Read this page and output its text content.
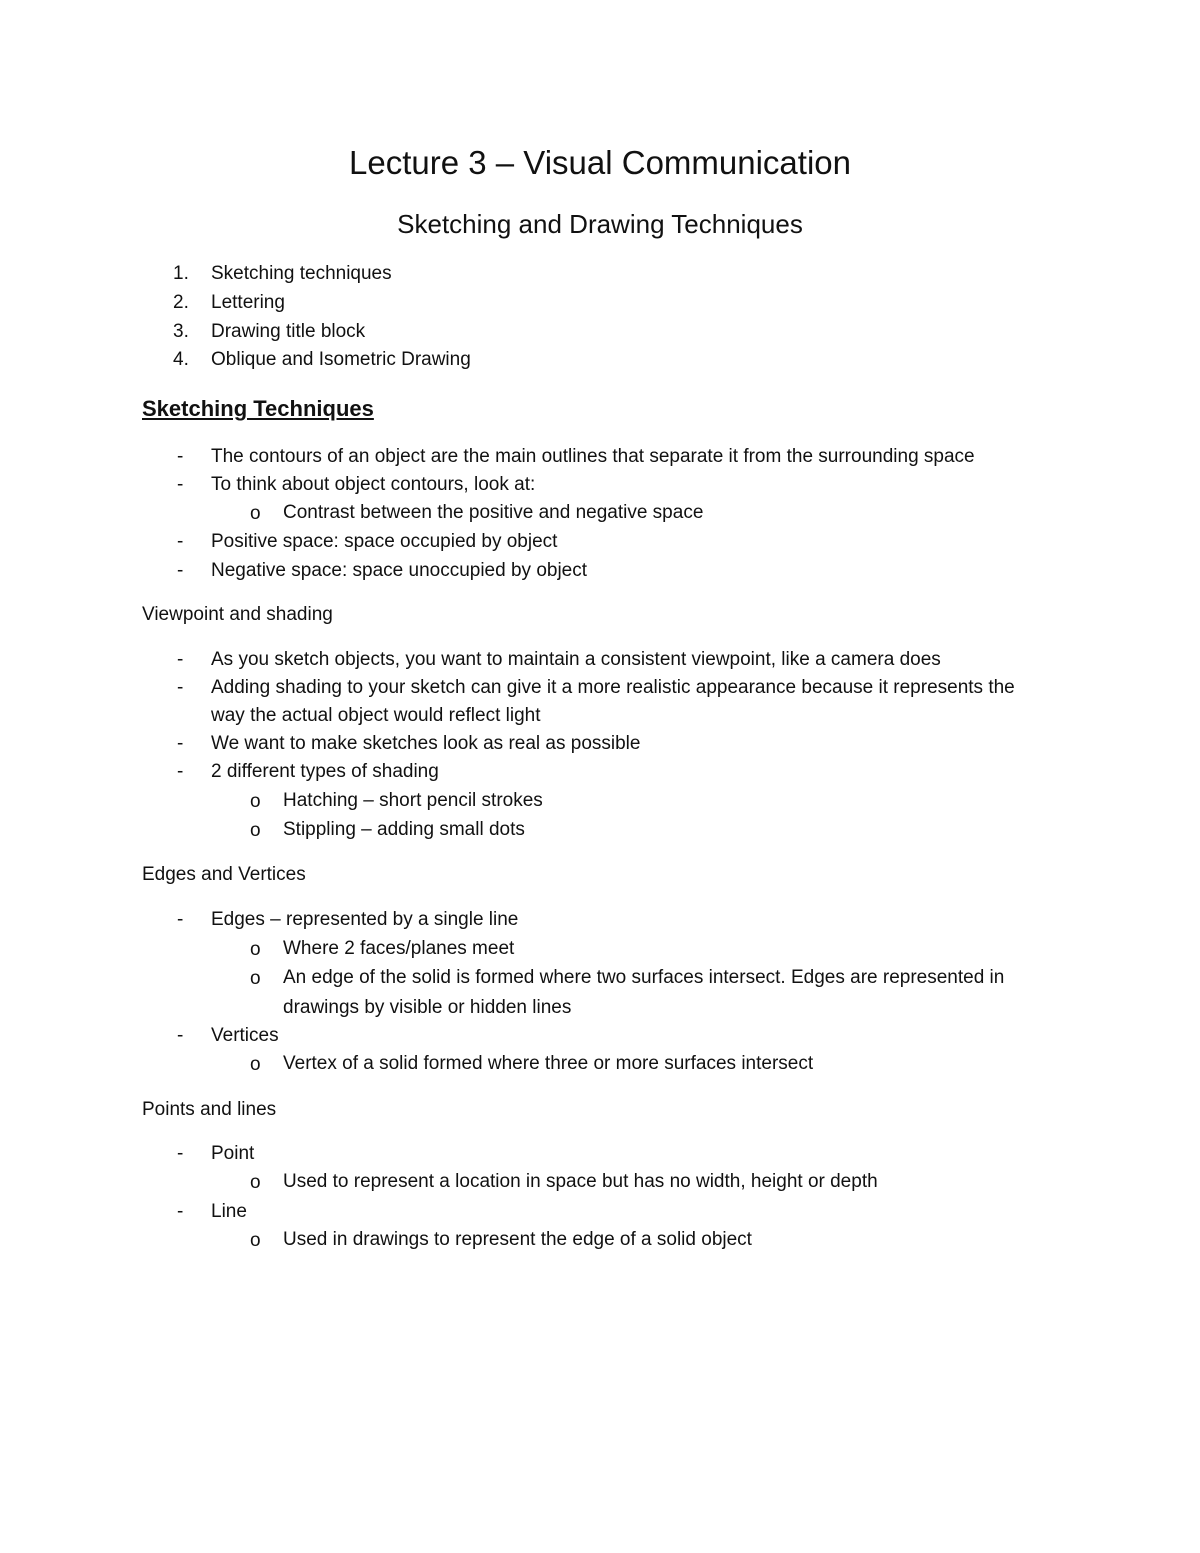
Lecture 3 – Visual Communication
Sketching and Drawing Techniques
1. Sketching techniques
2. Lettering
3. Drawing title block
4. Oblique and Isometric Drawing
Sketching Techniques
- The contours of an object are the main outlines that separate it from the surrounding space
- To think about object contours, look at:
o Contrast between the positive and negative space
- Positive space: space occupied by object
- Negative space: space unoccupied by object
Viewpoint and shading
- As you sketch objects, you want to maintain a consistent viewpoint, like a camera does
- Adding shading to your sketch can give it a more realistic appearance because it represents the
way the actual object would reflect light
- We want to make sketches look as real as possible
- 2 different types of shading
o Hatching – short pencil strokes
o Stippling – adding small dots
Edges and Vertices
- Edges – represented by a single line
o Where 2 faces/planes meet
o An edge of the solid is formed where two surfaces intersect. Edges are represented in
drawings by visible or hidden lines
- Vertices
o Vertex of a solid formed where three or more surfaces intersect
Points and lines
- Point
o Used to represent a location in space but has no width, height or depth
- Line
o Used in drawings to represent the edge of a solid object
